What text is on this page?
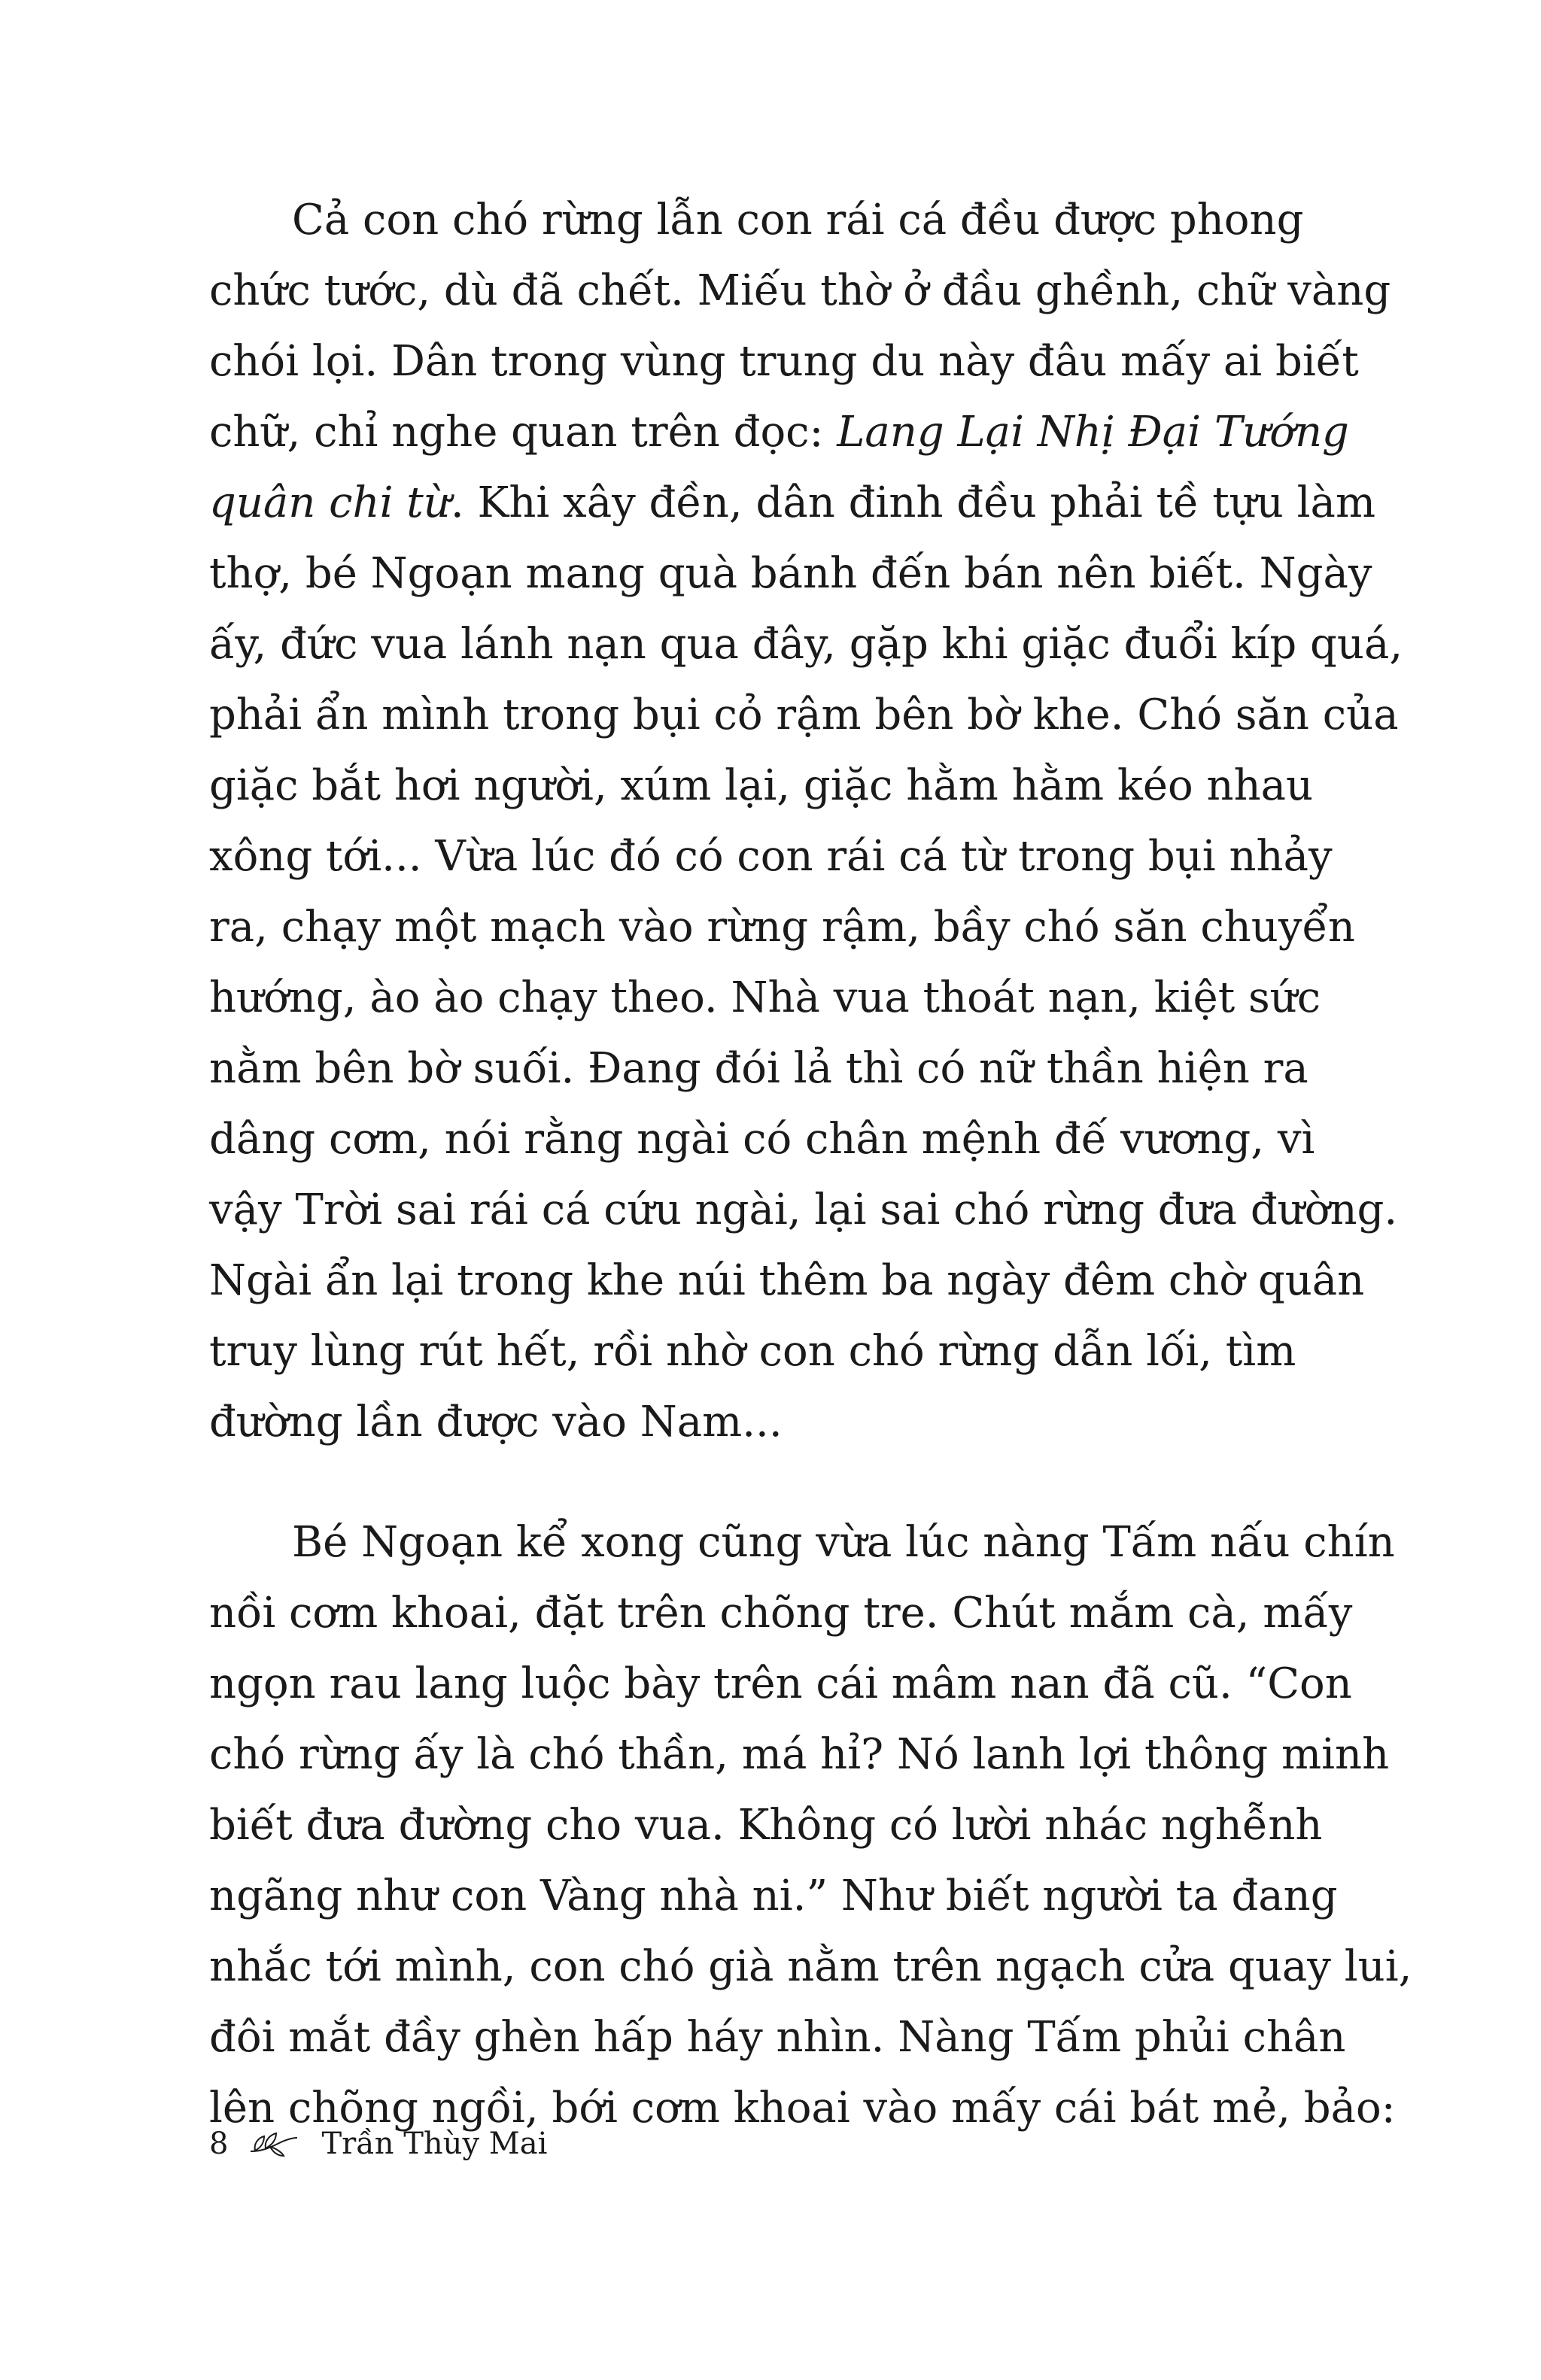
Cả con chó rừng lẫn con rái cá đều được phong
chức tước, dù đã chết. Miếu thờ ở đầu ghềnh, chữ vàng
chói lọi. Dân trong vùng trung du này đâu mấy ai biết
chữ, chỉ nghe quan trên đọc: Lang Lại Nhị Đại Tướng
quân chi từ. Khi xây đền, dân đinh đều phải tề tựu làm
thợ, bé Ngoạn mang quà bánh đến bán nên biết. Ngày
ấy, đức vua lánh nạn qua đây, gặp khi giặc đuổi kíp quá,
phải ẩn mình trong bụi cỏ rậm bên bờ khe. Chó săn của
giặc bắt hơi người, xúm lại, giặc hằm hằm kéo nhau
xông tới... Vừa lúc đó có con rái cá từ trong bụi nhảy
ra, chạy một mạch vào rừng rậm, bầy chó săn chuyển
hướng, ào ào chạy theo. Nhà vua thoát nạn, kiệt sức
nằm bên bờ suối. Đang đói lả thì có nữ thần hiện ra
dâng cơm, nói rằng ngài có chân mệnh đế vương, vì
vậy Trời sai rái cá cứu ngài, lại sai chó rừng đưa đường.
Ngài ẩn lại trong khe núi thêm ba ngày đêm chờ quân
truy lùng rút hết, rồi nhờ con chó rừng dẫn lối, tìm
đường lần được vào Nam...
Bé Ngoạn kể xong cũng vừa lúc nàng Tấm nấu chín
nồi cơm khoai, đặt trên chõng tre. Chút mắm cà, mấy
ngọn rau lang luộc bày trên cái mâm nan đã cũ. “Con
chó rừng ấy là chó thần, má hỉ? Nó lanh lợi thông minh
biết đưa đường cho vua. Không có lười nhác nghễnh
ngãng như con Vàng nhà ni.” Như biết người ta đang
nhắc tới mình, con chó già nằm trên ngạch cửa quay lui,
đôi mắt đầy ghèn hấp háy nhìn. Nàng Tấm phủi chân
lên chõng ngồi, bới cơm khoai vào mấy cái bát mẻ, bảo:
8	Trần Thùy Mai
